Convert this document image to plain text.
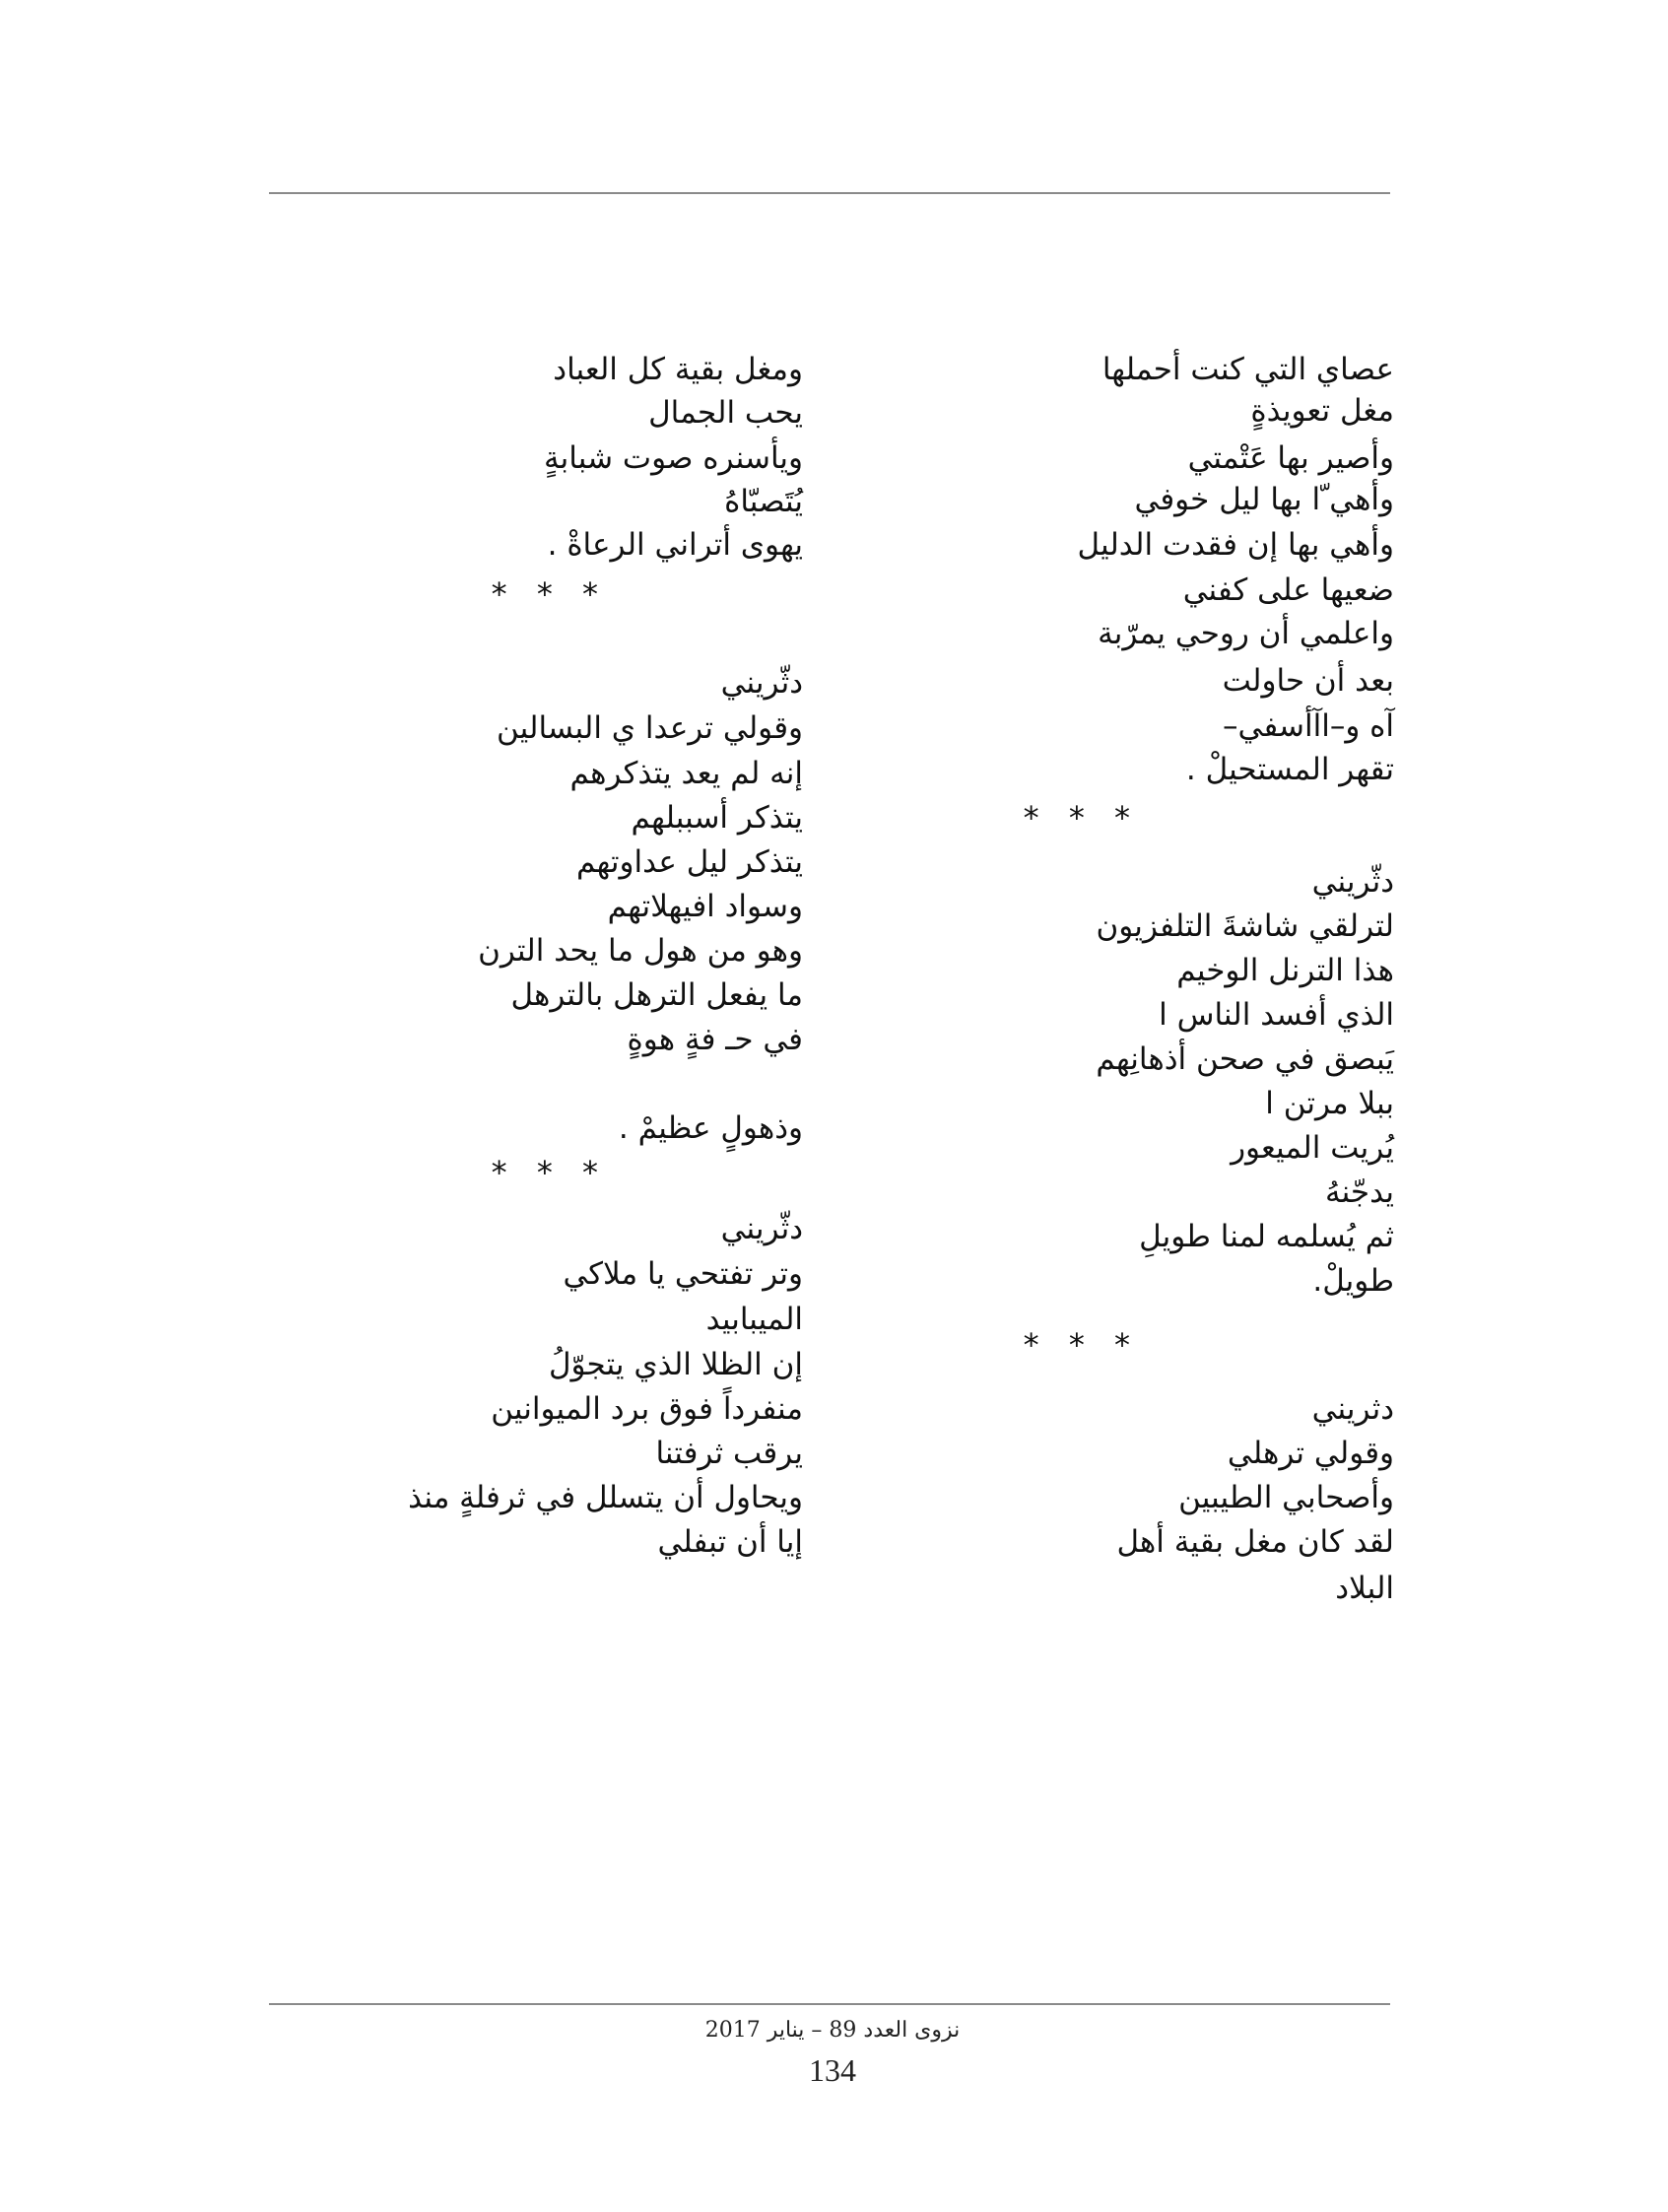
عصاي التي كنت أحملها
مغل تعويذةٍ
وأصير بها عَتْمتي
وأهي ّا بها ليل خوفي
وأهي بها إن فقدت الدليل
ضعيها على كفني
واعلمي أن روحي يمرّبة
بعد أن حاولت
آه و–اآأسفي–
تقهر المستحيلْ .
* * *
دثّريني
لترلقي شاشةَ التلفزيون
هذا الترنل الوخيم
الذي أفسد الناس ا
يَبصق في صحن أذهانِهم
ببلا مرتن ا
يُريت الميعور
يدجّنهُ
ثم يُسلمه لمنا طويلِ
طويلْ.
* * *
دثريني
وقولي ترهلي
وأصحابي الطيبين
لقد كان مغل بقية أهل
البلاد
ومغل بقية كل العباد
يحب الجمال
ويأسنره صوت شبابةٍ
يُتَصبّاهُ
يهوى أتراني الرعاةْ .
* * *
دثّريني
وقولي ترعدا ي البسالين
إنه لم يعد يتذكرهم
يتذكر أسببلهم
يتذكر ليل عداوتهم
وسواد افيهلاتهم
وهو من هول ما يحد الترن
ما يفعل الترهل بالترهل
في حـ فةٍ هوةٍ
وذهولٍ عظيمْ .
* * *
دثّريني
وتر تفتحي يا ملاكي
الميبابيد
إن الظلا الذي يتجوّلُ
منفرداً فوق برد الميوانين
يرقب ثرفتنا
ويحاول أن يتسلل في ثرفلةٍ منذ
إيا أن تبفلي
نزوى العدد 89 – يناير 2017
134
